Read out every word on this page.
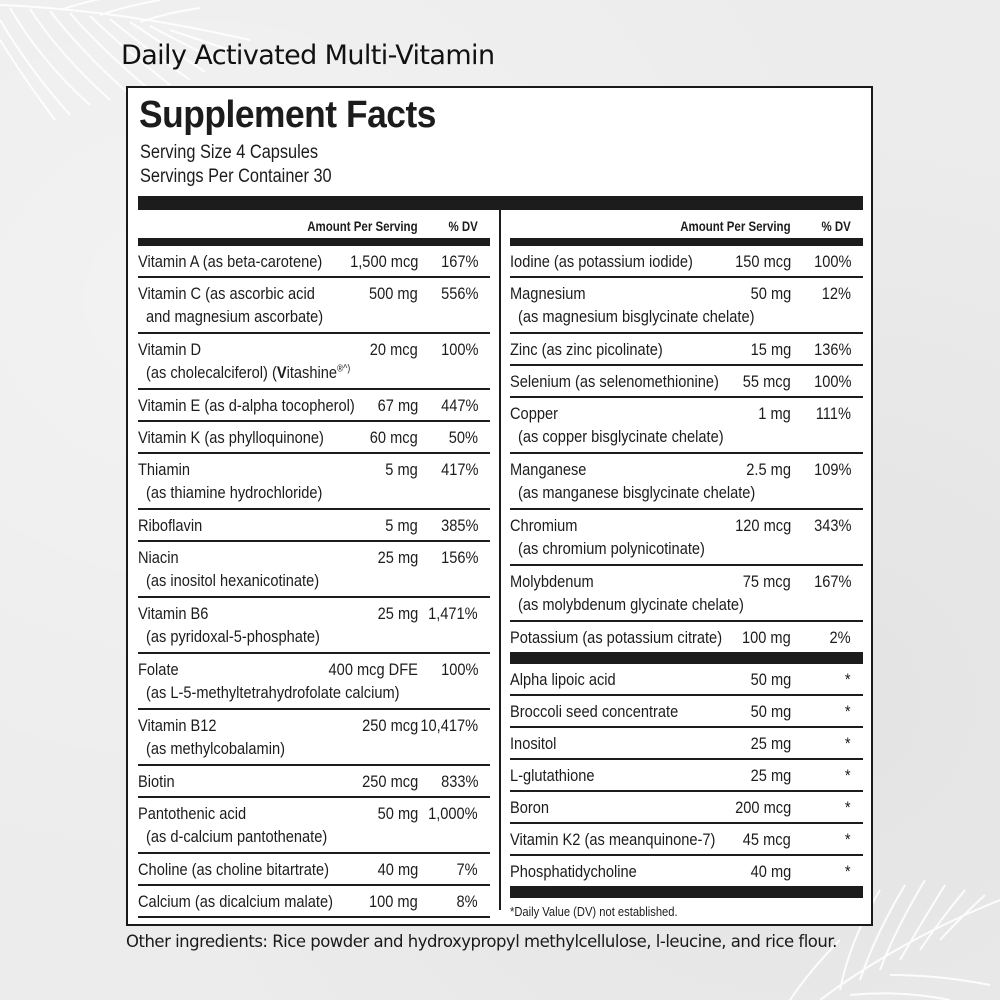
Daily Activated Multi-Vitamin
Supplement Facts
Serving Size 4 Capsules
Servings Per Container 30
Amount Per Serving % DV
Vitamin A (as beta-carotene) 1,500 mcg 167%
Vitamin C (as ascorbic acid
and magnesium ascorbate)
500 mg 556%
Vitamin D
(as cholecalciferol) (Vitashine®^)
20 mcg 100%
Vitamin E (as d-alpha tocopherol) 67 mg 447%
Vitamin K (as phylloquinone)	60 mcg 50%
Thiamin
(as thiamine hydrochloride)
5 mg 417%
Riboflavin	5 mg 385%
Niacin
(as inositol hexanicotinate)
25 mg 156%
Vitamin B6
(as pyridoxal-5-phosphate)
25 mg 1,471%
Folate
(as L-5-methyltetrahydrofolate calcium)
400 mcg DFE 100%
Vitamin B12
(as methylcobalamin)
250 mcg 10,417%
Biotin	250 mcg 833%
Pantothenic acid
(as d-calcium pantothenate)
50 mg 1,000%
Choline (as choline bitartrate)	40 mg 7%
Calcium (as dicalcium malate) 100 mg 8%
Amount Per Serving % DV
Iodine (as potassium iodide) 150 mcg 100%
Magnesium
(as magnesium bisglycinate chelate)
50 mg 12%
Zinc (as zinc picolinate)	15 mg 136%
Selenium (as selenomethionine) 55 mcg 100%
Copper
(as copper bisglycinate chelate)
1 mg 111%
Manganese
(as manganese bisglycinate chelate)
2.5 mg 109%
Chromium
(as chromium polynicotinate)
120 mcg 343%
Molybdenum
(as molybdenum glycinate chelate)
75 mcg 167%
Potassium (as potassium citrate) 100 mg 2%
Alpha lipoic acid	50 mg	*
Broccoli seed concentrate	50 mg	*
Inositol	25 mg	*
L-glutathione	25 mg	*
Boron	200 mcg	*
Vitamin K2 (as meanquinone-7) 45 mcg	*
Phosphatidycholine	40 mg	*
*Daily Value (DV) not established.
Other ingredients: Rice powder and hydroxypropyl methylcellulose, l-leucine, and rice flour.
